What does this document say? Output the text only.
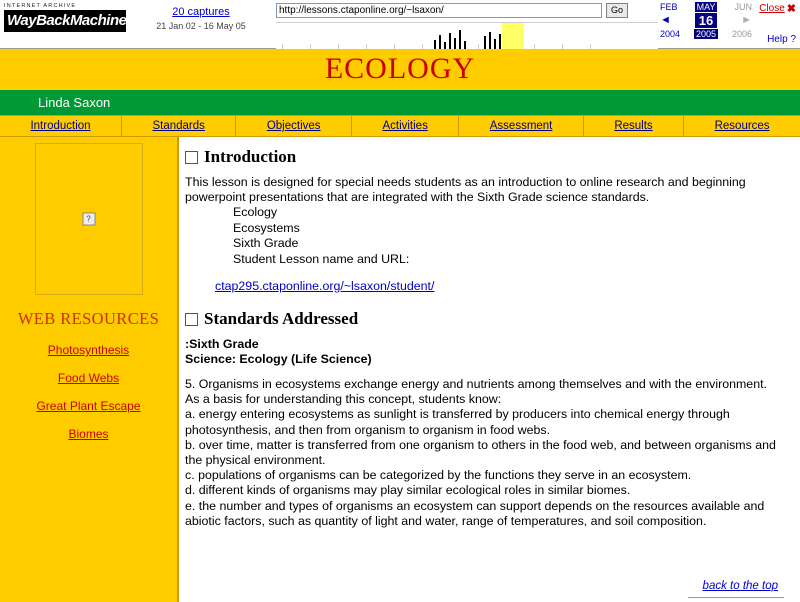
INTERNET ARCHIVE
WayBackMachine	20 captures
21 Jan 02 - 16 May 05
http://lessons.ctaponline.org/~lsaxon/
Go	FEB MAY JUN
◄	16	►
2004 2005 2006
Close ✖
Help ?
ECOLOGY
Linda Saxon
Introduction	Standards	Objectives	Activities	Assessment	Results	Resources
?
WEB RESOURCES
Photosynthesis
Food Webs
Great Plant Escape
Biomes
Introduction

This lesson is designed for special needs students as an introduction to online research and beginning powerpoint presentations that are integrated with the Sixth Grade science standards.

Ecology
Ecosystems
Sixth Grade
Student Lesson name and URL:
ctap295.ctaponline.org/~lsaxon/student/
Standards Addressed
:Sixth Grade
Science: Ecology (Life Science)
5. Organisms in ecosystems exchange energy and nutrients among themselves and with the environment. As a basis for understanding this concept, students know:
a. energy entering ecosystems as sunlight is transferred by producers into chemical energy through photosynthesis, and then from organism to organism in food webs.
b. over time, matter is transferred from one organism to others in the food web, and between organisms and the physical environment.
c. populations of organisms can be categorized by the functions they serve in an ecosystem.
d. different kinds of organisms may play similar ecological roles in similar biomes.
e. the number and types of organisms an ecosystem can support depends on the resources available and abiotic factors, such as quantity of light and water, range of temperatures, and soil composition.
back to the top
